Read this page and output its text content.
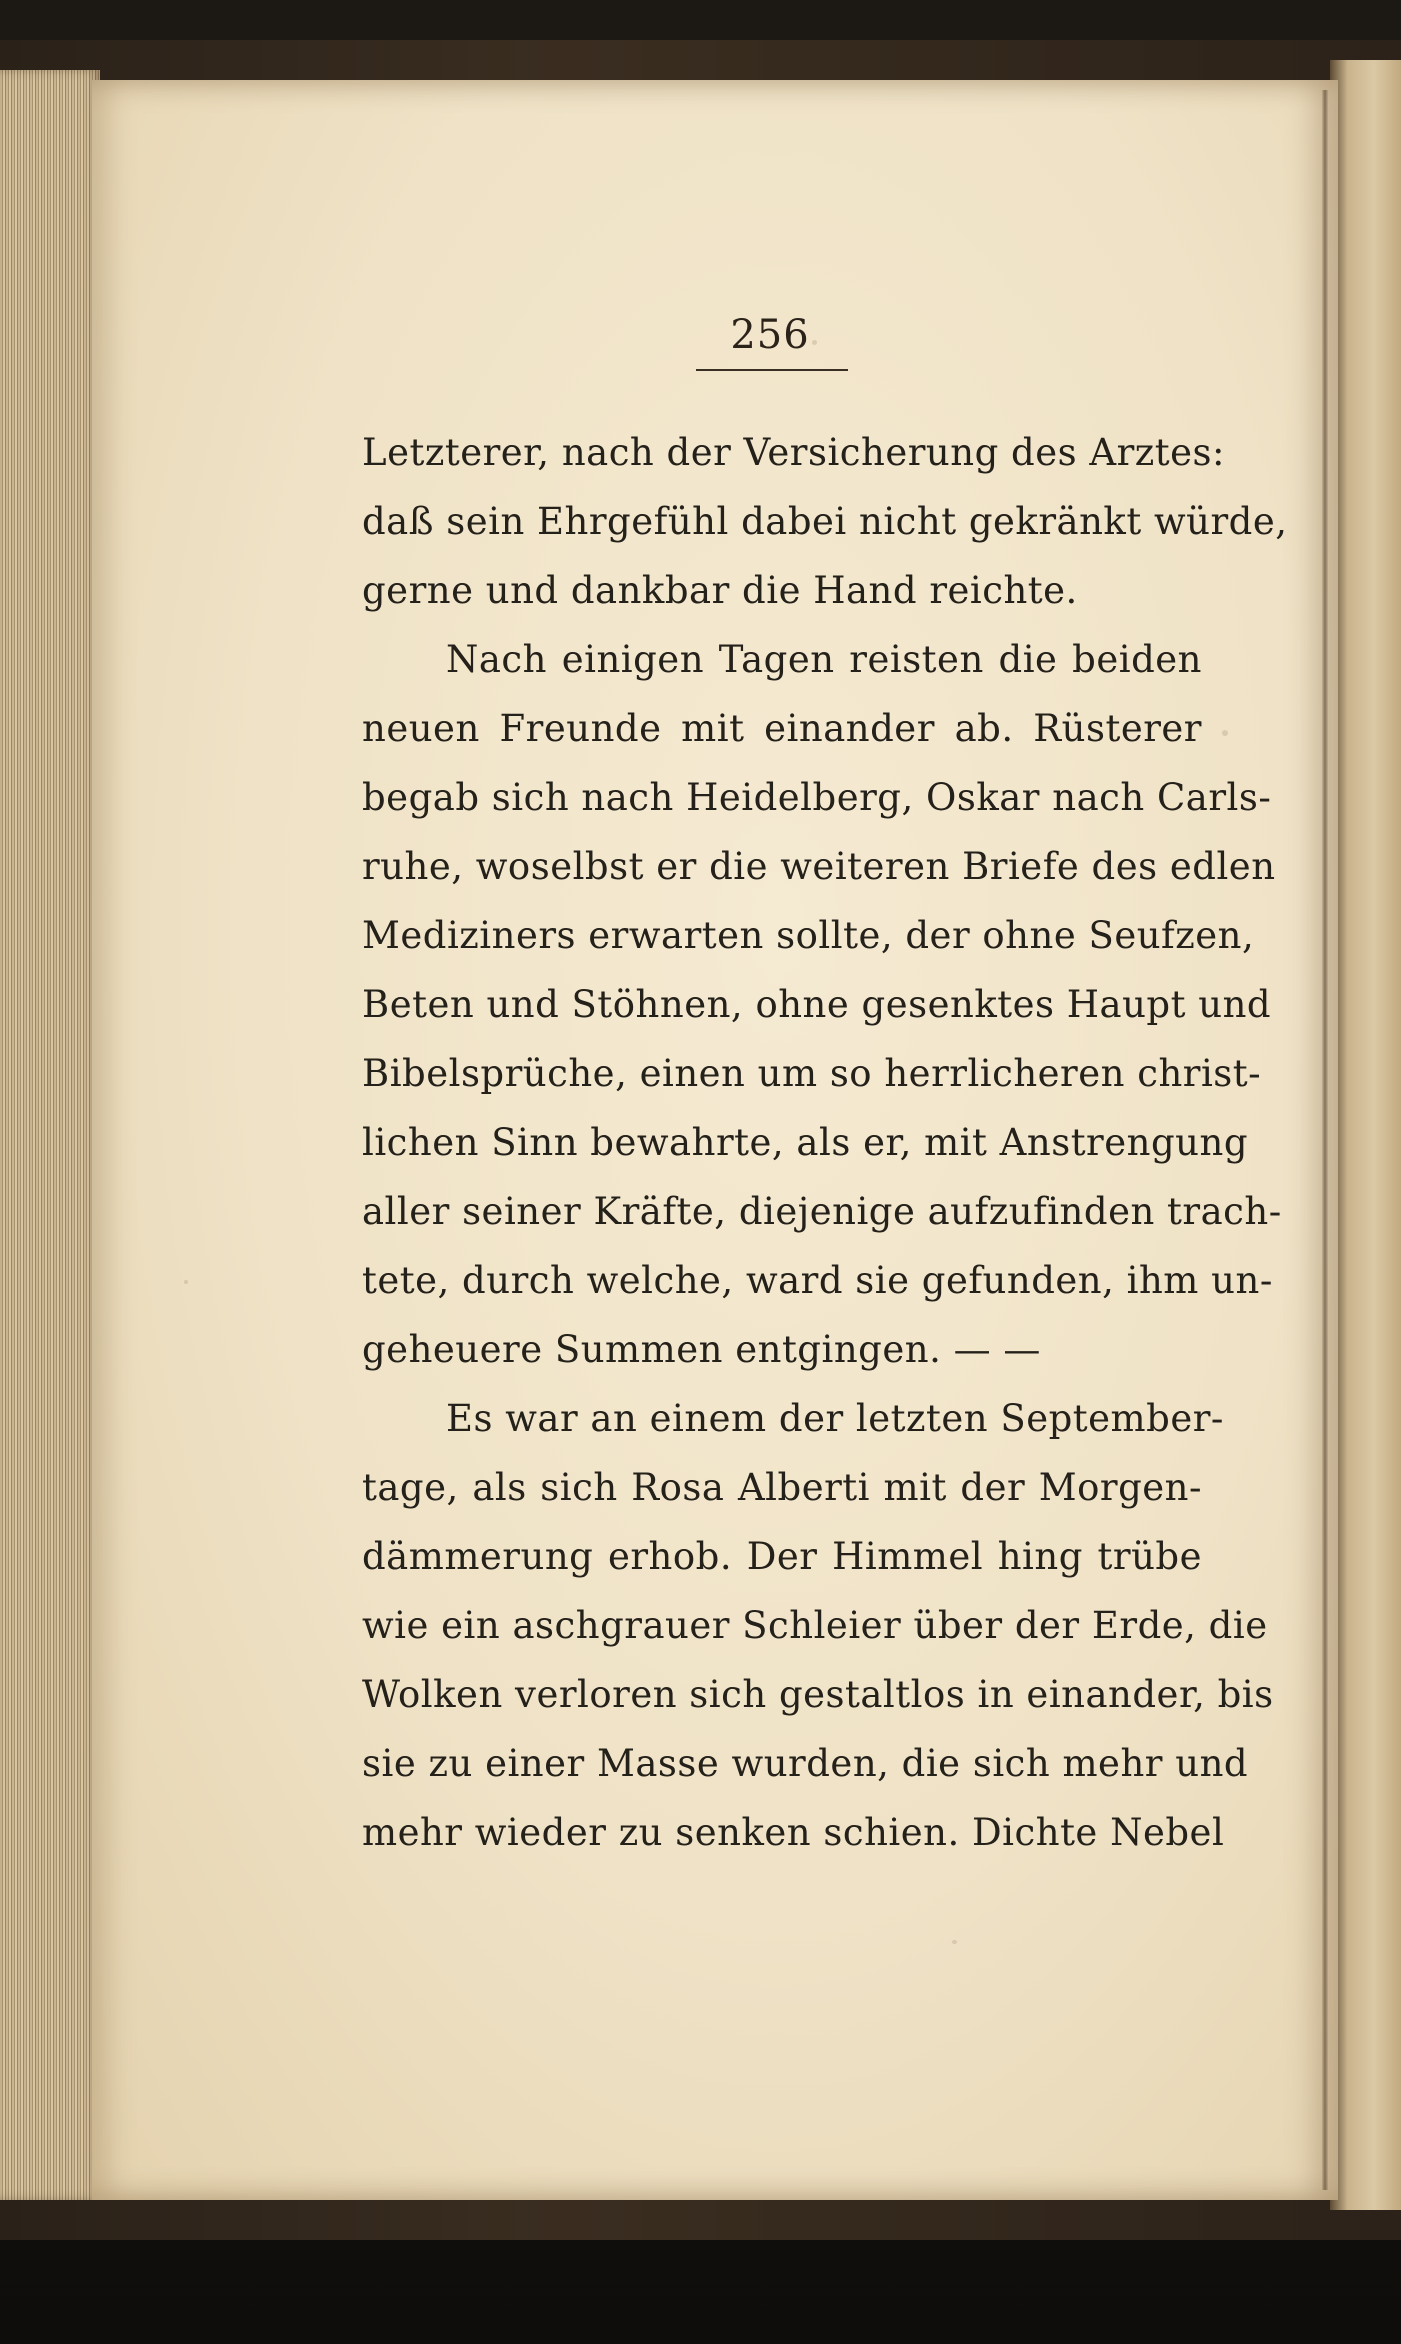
256
Letzterer, nach der Versicherung des Arztes:
daß sein Ehrgefühl dabei nicht gekränkt würde,
gerne und dankbar die Hand reichte.
Nach einigen Tagen reisten die beiden
neuen Freunde mit einander ab. Rüsterer
begab sich nach Heidelberg, Oskar nach Carls-
ruhe, woselbst er die weiteren Briefe des edlen
Mediziners erwarten sollte, der ohne Seufzen,
Beten und Stöhnen, ohne gesenktes Haupt und
Bibelsprüche, einen um so herrlicheren christ-
lichen Sinn bewahrte, als er, mit Anstrengung
aller seiner Kräfte, diejenige aufzufinden trach-
tete, durch welche, ward sie gefunden, ihm un-
geheuere Summen entgingen. — —
Es war an einem der letzten September-
tage, als sich Rosa Alberti mit der Morgen-
dämmerung erhob. Der Himmel hing trübe
wie ein aschgrauer Schleier über der Erde, die
Wolken verloren sich gestaltlos in einander, bis
sie zu einer Masse wurden, die sich mehr und
mehr wieder zu senken schien. Dichte Nebel
